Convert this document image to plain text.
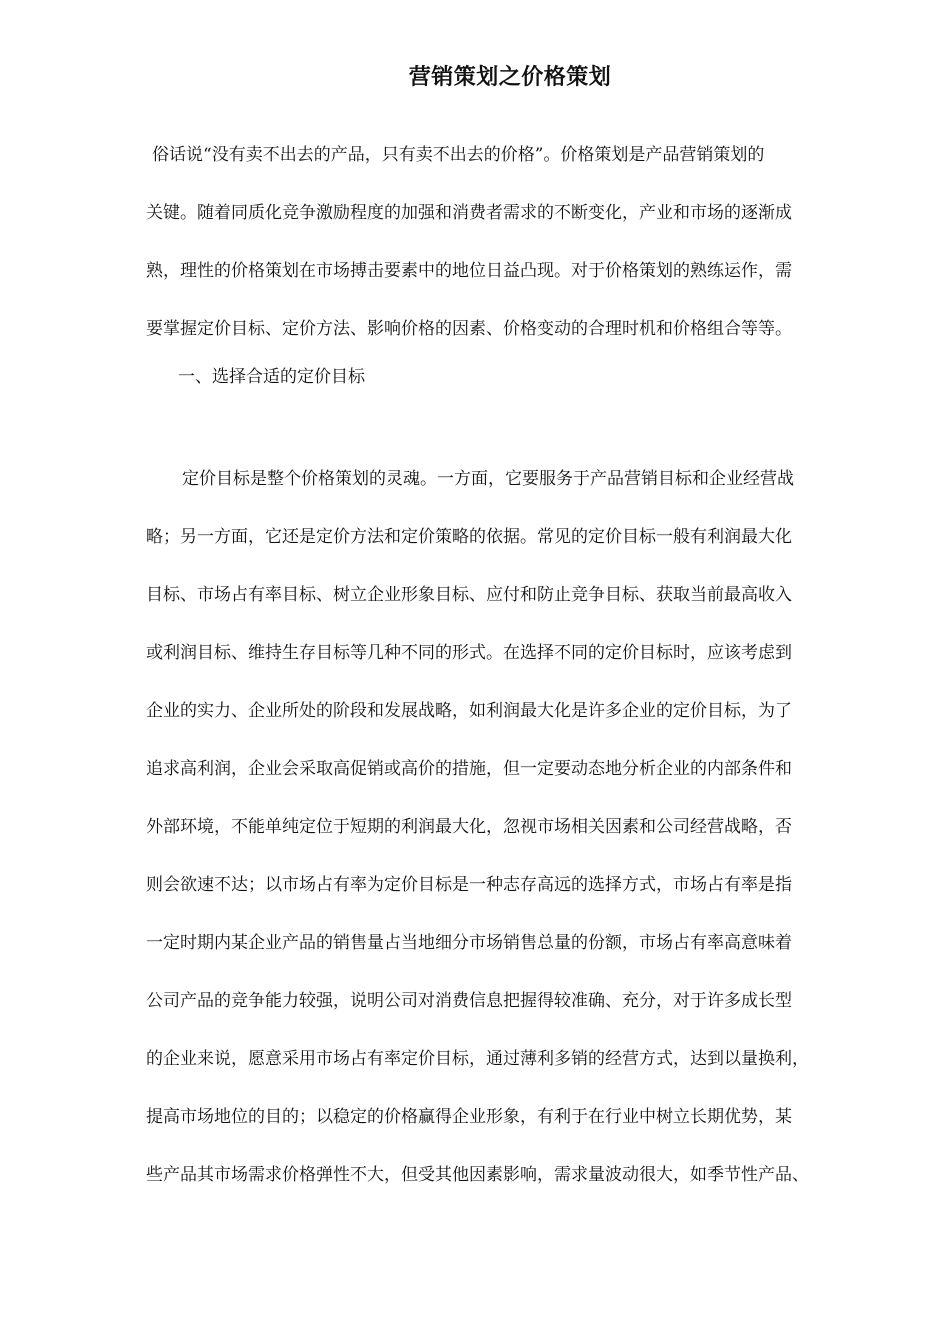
营销策划之价格策划
俗话说“没有卖不出去的产品，只有卖不出去的价格”。价格策划是产品营销策划的
关键。随着同质化竞争激励程度的加强和消费者需求的不断变化，产业和市场的逐渐成
熟，理性的价格策划在市场搏击要素中的地位日益凸现。对于价格策划的熟练运作，需
要掌握定价目标、定价方法、影响价格的因素、价格变动的合理时机和价格组合等等。
一、选择合适的定价目标
定价目标是整个价格策划的灵魂。一方面，它要服务于产品营销目标和企业经营战
略；另一方面，它还是定价方法和定价策略的依据。常见的定价目标一般有利润最大化
目标、市场占有率目标、树立企业形象目标、应付和防止竞争目标、获取当前最高收入
或利润目标、维持生存目标等几种不同的形式。在选择不同的定价目标时，应该考虑到
企业的实力、企业所处的阶段和发展战略，如利润最大化是许多企业的定价目标，为了
追求高利润，企业会采取高促销或高价的措施，但一定要动态地分析企业的内部条件和
外部环境，不能单纯定位于短期的利润最大化，忽视市场相关因素和公司经营战略，否
则会欲速不达；以市场占有率为定价目标是一种志存高远的选择方式，市场占有率是指
一定时期内某企业产品的销售量占当地细分市场销售总量的份额，市场占有率高意味着
公司产品的竞争能力较强，说明公司对消费信息把握得较准确、充分，对于许多成长型
的企业来说，愿意采用市场占有率定价目标，通过薄利多销的经营方式，达到以量换利，
提高市场地位的目的；以稳定的价格赢得企业形象，有利于在行业中树立长期优势，某
些产品其市场需求价格弹性不大，但受其他因素影响，需求量波动很大，如季节性产品、
